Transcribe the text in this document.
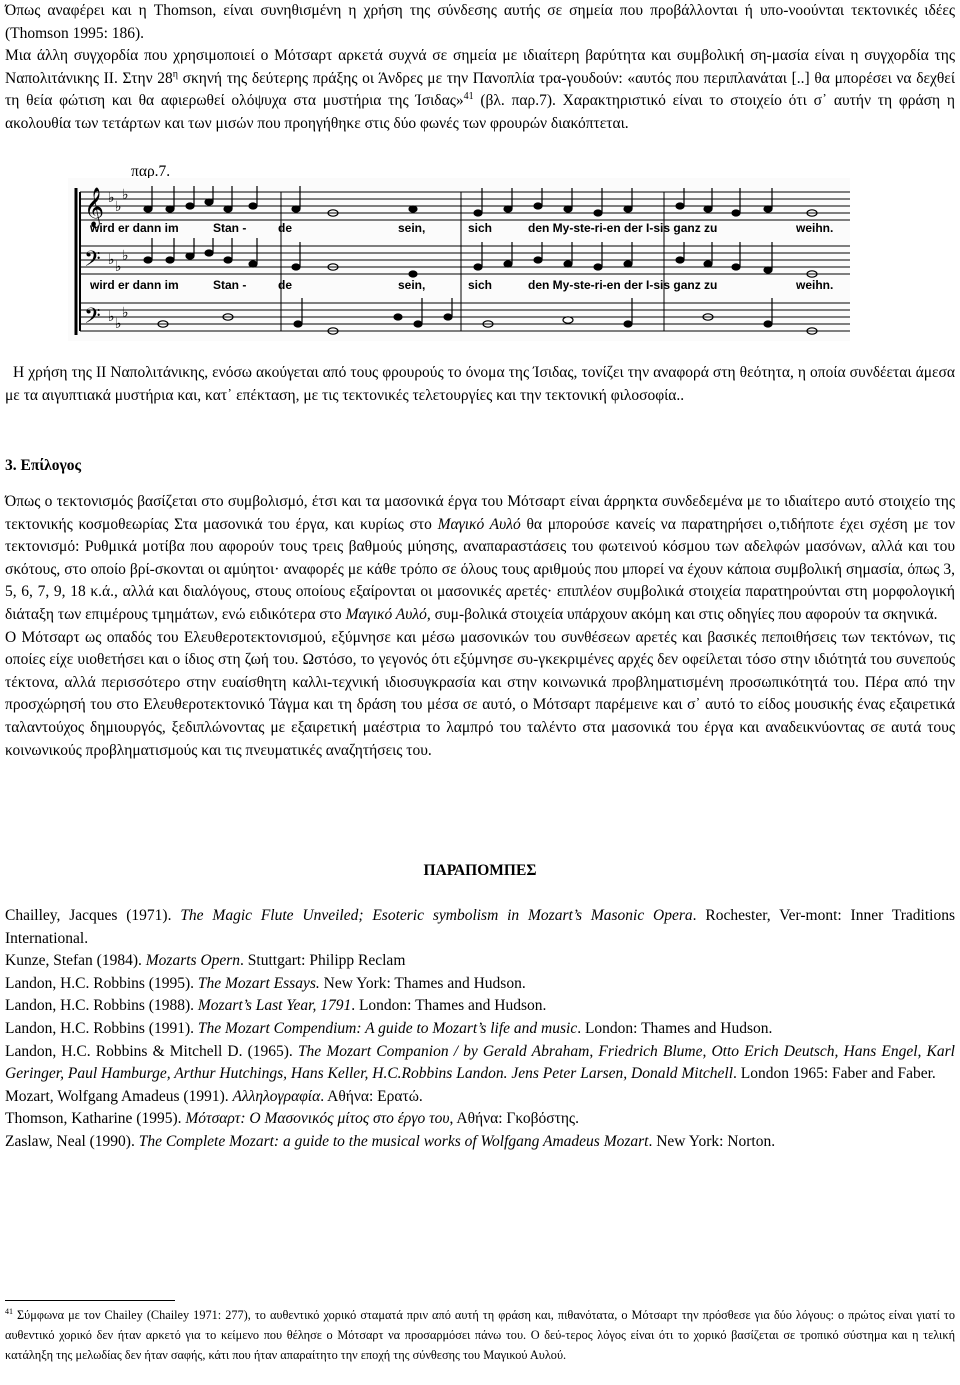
Όπως αναφέρει και η Thomson, είναι συνηθισμένη η χρήση της σύνδεσης αυτής σε σημεία που προβάλλονται ή υπο-νοούνται τεκτονικές ιδέες (Thomson 1995: 186).
Μια άλλη συγχορδία που χρησιμοποιεί ο Μότσαρτ αρκετά συχνά σε σημεία με ιδιαίτερη βαρύτητα και συμβολική ση-μασία είναι η συγχορδία της Ναπολιτάνικης ΙΙ. Στην $28^\eta$ σκηνή της δεύτερης πράξης οι Άνδρες με την Πανοπλία τρα-γουδούν: «αυτός που περιπλανάται [..] θα μπορέσει να δεχθεί τη θεία φώτιση και θα αφιερωθεί ολόψυχα στα μυστήρια της Ίσιδας»$^{41}$ (βλ. παρ.7). Χαρακτηριστικό είναι το στοιχείο ότι σ᾽ αυτήν τη φράση η ακολουθία των τετάρτων και των μισών που προηγήθηκε στις δύο φωνές των φρουρών διακόπτεται.

παρ.7.

𝄞
𝄢
𝄢
♭
♭
♭
♭ ♭
♭
♭ ♭
♭
wird er dann im	Stan -	de	sein,	sich	den My-ste-ri-en der I-sis ganz zu	weihn.
wird er dann im	Stan -	de	sein,	sich	den My-ste-ri-en der I-sis ganz zu	weihn.

Η χρήση της ΙΙ Ναπολιτάνικης, ενόσω ακούγεται από τους φρουρούς το όνομα της Ίσιδας, τονίζει την αναφορά στη θεότητα, η οποία συνδέεται άμεσα με τα αιγυπτιακά μυστήρια και, κατ᾽ επέκταση, με τις τεκτονικές τελετουργίες και την τεκτονική φιλοσοφία..

3. Επίλογος
Όπως ο τεκτονισμός βασίζεται στο συμβολισμό, έτσι και τα μασονικά έργα του Μότσαρτ είναι άρρηκτα συνδεδεμένα με το ιδιαίτερο αυτό στοιχείο της τεκτονικής κοσμοθεωρίας Στα μασονικά του έργα, και κυρίως στο Μαγικό Αυλό θα μπορούσε κανείς να παρατηρήσει ο,τιδήποτε έχει σχέση με τον τεκτονισμό: Ρυθμικά μοτίβα που αφορούν τους τρεις βαθμούς μύησης, αναπαραστάσεις του φωτεινού κόσμου των αδελφών μασόνων, αλλά και του σκότους, στο οποίο βρί-σκονται οι αμύητοι· αναφορές με κάθε τρόπο σε όλους τους αριθμούς που μπορεί να έχουν κάποια συμβολική σημασία, όπως 3, 5, 6, 7, 9, 18 κ.ά., αλλά και διαλόγους, στους οποίους εξαίρονται οι μασονικές αρετές· επιπλέον συμβολικά στοιχεία παρατηρούνται στη μορφολογική διάταξη των επιμέρους τμημάτων, ενώ ειδικότερα στο Μαγικό Αυλό, συμ-βολικά στοιχεία υπάρχουν ακόμη και στις οδηγίες που αφορούν τα σκηνικά.
Ο Μότσαρτ ως οπαδός του Ελευθεροτεκτονισμού, εξύμνησε και μέσω μασονικών του συνθέσεων αρετές και βασικές πεποιθήσεις των τεκτόνων, τις οποίες είχε υιοθετήσει και ο ίδιος στη ζωή του. Ωστόσο, το γεγονός ότι εξύμνησε συ-γκεκριμένες αρχές δεν οφείλεται τόσο στην ιδιότητά του συνεπούς τέκτονα, αλλά περισσότερο στην ευαίσθητη καλλι-τεχνική ιδιοσυγκρασία και στην κοινωνικά προβληματισμένη προσωπικότητά του. Πέρα από την προσχώρησή του στο Ελευθεροτεκτονικό Τάγμα και τη δράση του μέσα σε αυτό, ο Μότσαρτ παρέμεινε και σ᾽ αυτό το είδος μουσικής ένας εξαιρετικά ταλαντούχος δημιουργός, ξεδιπλώνοντας με εξαιρετική μαέστρια το λαμπρό του ταλέντο στα μασονικά του έργα και αναδεικνύοντας σε αυτά τους κοινωνικούς προβληματισμούς και τις πνευματικές αναζητήσεις του.
ΠΑΡΑΠΟΜΠΕΣ
Chailley, Jacques (1971). The Magic Flute Unveiled; Esoteric symbolism in Mozart’s Masonic Opera. Rochester, Ver-mont: Inner Traditions International.
Kunze, Stefan (1984). Mozarts Opern. Stuttgart: Philipp Reclam
Landon, H.C. Robbins (1995). The Mozart Essays. New York: Thames and Hudson.
Landon, H.C. Robbins (1988). Mozart’s Last Year, 1791. London: Thames and Hudson.
Landon, H.C. Robbins (1991). The Mozart Compendium: A guide to Mozart’s life and music. London: Thames and Hudson.
Landon, H.C. Robbins & Mitchell D. (1965). The Mozart Companion / by Gerald Abraham, Friedrich Blume, Otto Erich Deutsch, Hans Engel, Karl Geringer, Paul Hamburge, Arthur Hutchings, Hans Keller, H.C.Robbins Landon. Jens Peter Larsen, Donald Mitchell. London 1965: Faber and Faber.
Mozart, Wolfgang Amadeus (1991). Αλληλογραφία. Αθήνα: Ερατώ.
Thomson, Katharine (1995). Μότσαρτ: Ο Μασονικός μίτος στο έργο του, Αθήνα: Γκοβόστης.
Zaslaw, Neal (1990). The Complete Mozart: a guide to the musical works of Wolfgang Amadeus Mozart. New York: Norton.

$^{41}$ Σύμφωνα με τον Chailey (Chailey 1971: 277), το αυθεντικό χορικό σταματά πριν από αυτή τη φράση και, πιθανότατα, ο Μότσαρτ την πρόσθεσε για δύο λόγους: ο πρώτος είναι γιατί το αυθεντικό χορικό δεν ήταν αρκετό για το κείμενο που θέλησε ο Μότσαρτ να προσαρμόσει πάνω του. Ο δεύ-τερος λόγος είναι ότι το χορικό βασίζεται σε τροπικό σύστημα και η τελική κατάληξη της μελωδίας δεν ήταν σαφής, κάτι που ήταν απαραίτητο την εποχή της σύνθεσης του Μαγικού Αυλού.
